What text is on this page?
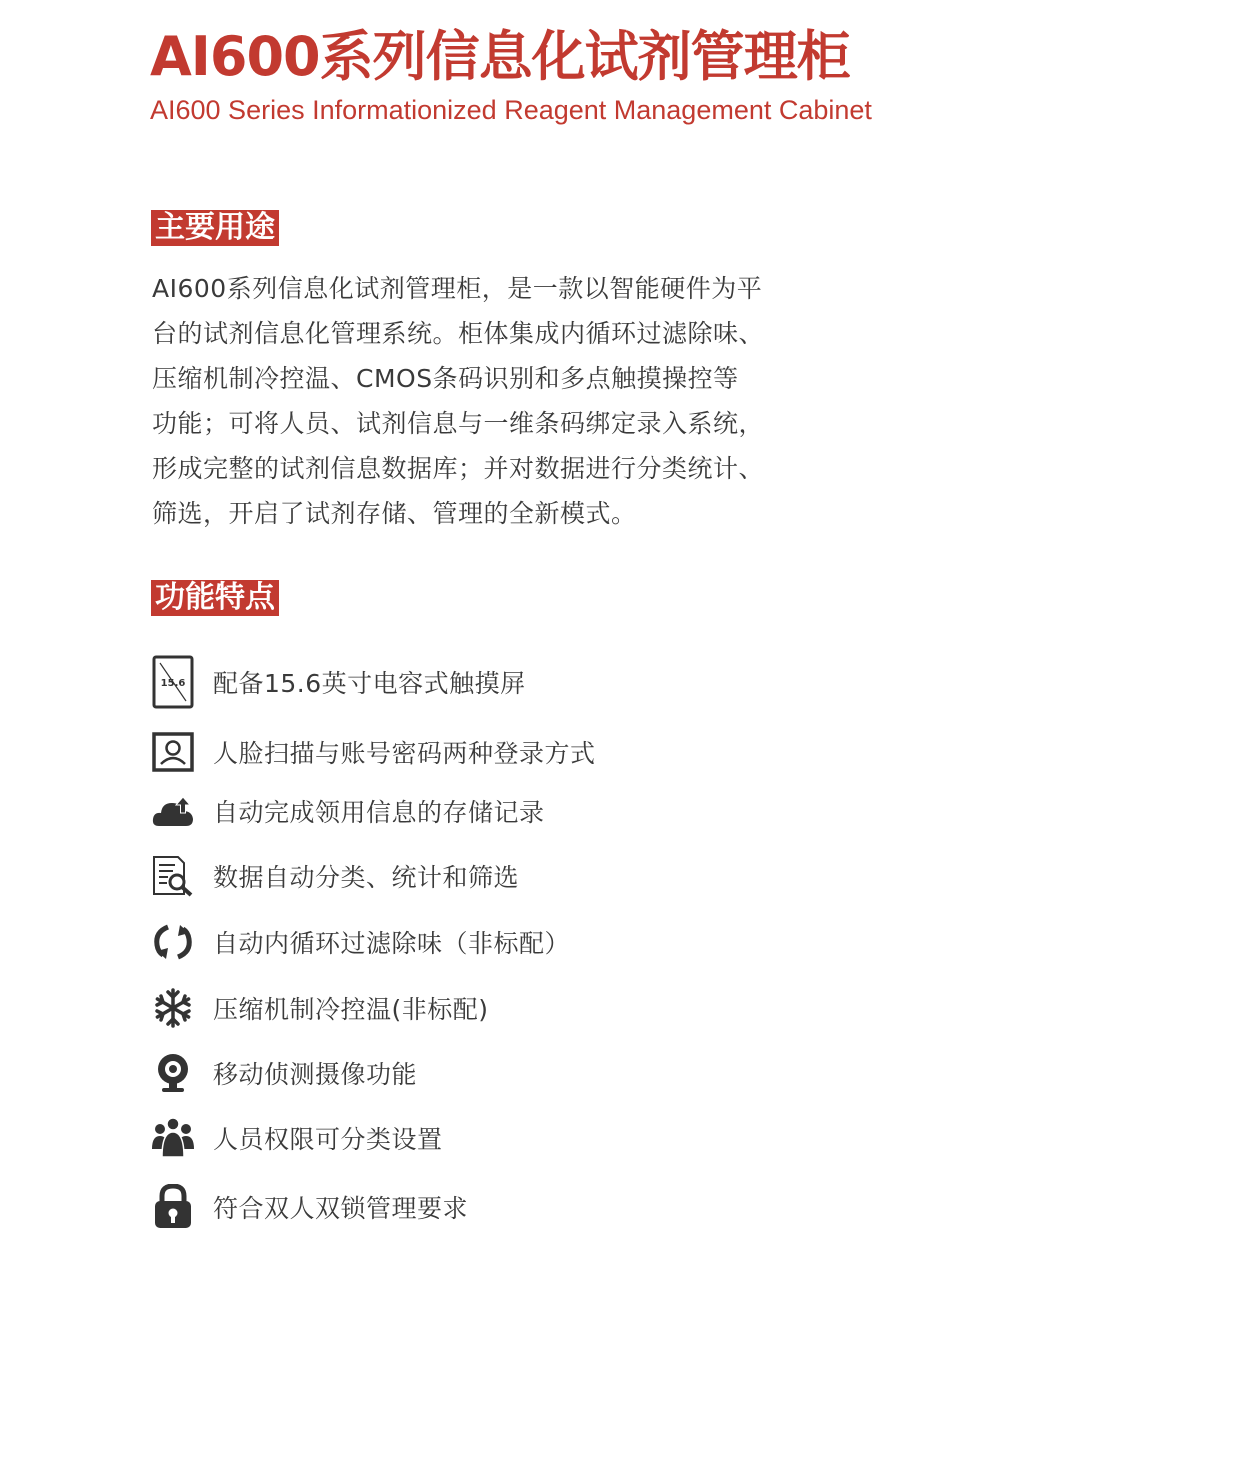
AI600系列信息化试剂管理柜
AI600 Series Informationized Reagent Management Cabinet
主要用途
AI600系列信息化试剂管理柜，是一款以智能硬件为平
台的试剂信息化管理系统。柜体集成内循环过滤除味、
压缩机制冷控温、CMOS条码识别和多点触摸操控等
功能；可将人员、试剂信息与一维条码绑定录入系统，
形成完整的试剂信息数据库；并对数据进行分类统计、
筛选，开启了试剂存储、管理的全新模式。
功能特点
15.6 配备15.6英寸电容式触摸屏
人脸扫描与账号密码两种登录方式
自动完成领用信息的存储记录
数据自动分类、统计和筛选
自动内循环过滤除味（非标配）
压缩机制冷控温(非标配)
移动侦测摄像功能
人员权限可分类设置
符合双人双锁管理要求
